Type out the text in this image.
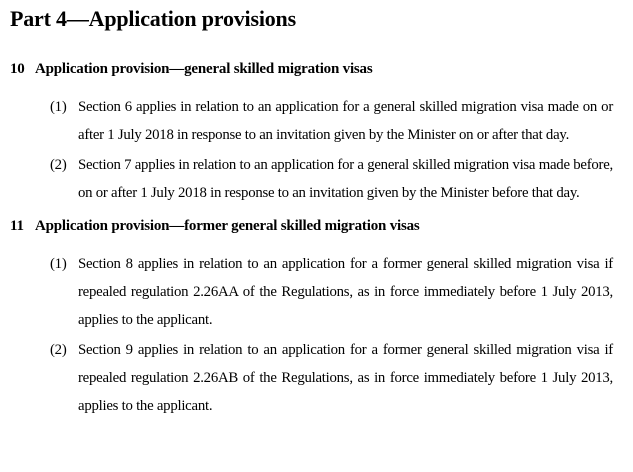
Part 4—Application provisions
10 Application provision—general skilled migration visas
(1) Section 6 applies in relation to an application for a general skilled migration visa made on or after 1 July 2018 in response to an invitation given by the Minister on or after that day.
(2) Section 7 applies in relation to an application for a general skilled migration visa made before, on or after 1 July 2018 in response to an invitation given by the Minister before that day.
11 Application provision—former general skilled migration visas
(1) Section 8 applies in relation to an application for a former general skilled migration visa if repealed regulation 2.26AA of the Regulations, as in force immediately before 1 July 2013, applies to the applicant.
(2) Section 9 applies in relation to an application for a former general skilled migration visa if repealed regulation 2.26AB of the Regulations, as in force immediately before 1 July 2013, applies to the applicant.
